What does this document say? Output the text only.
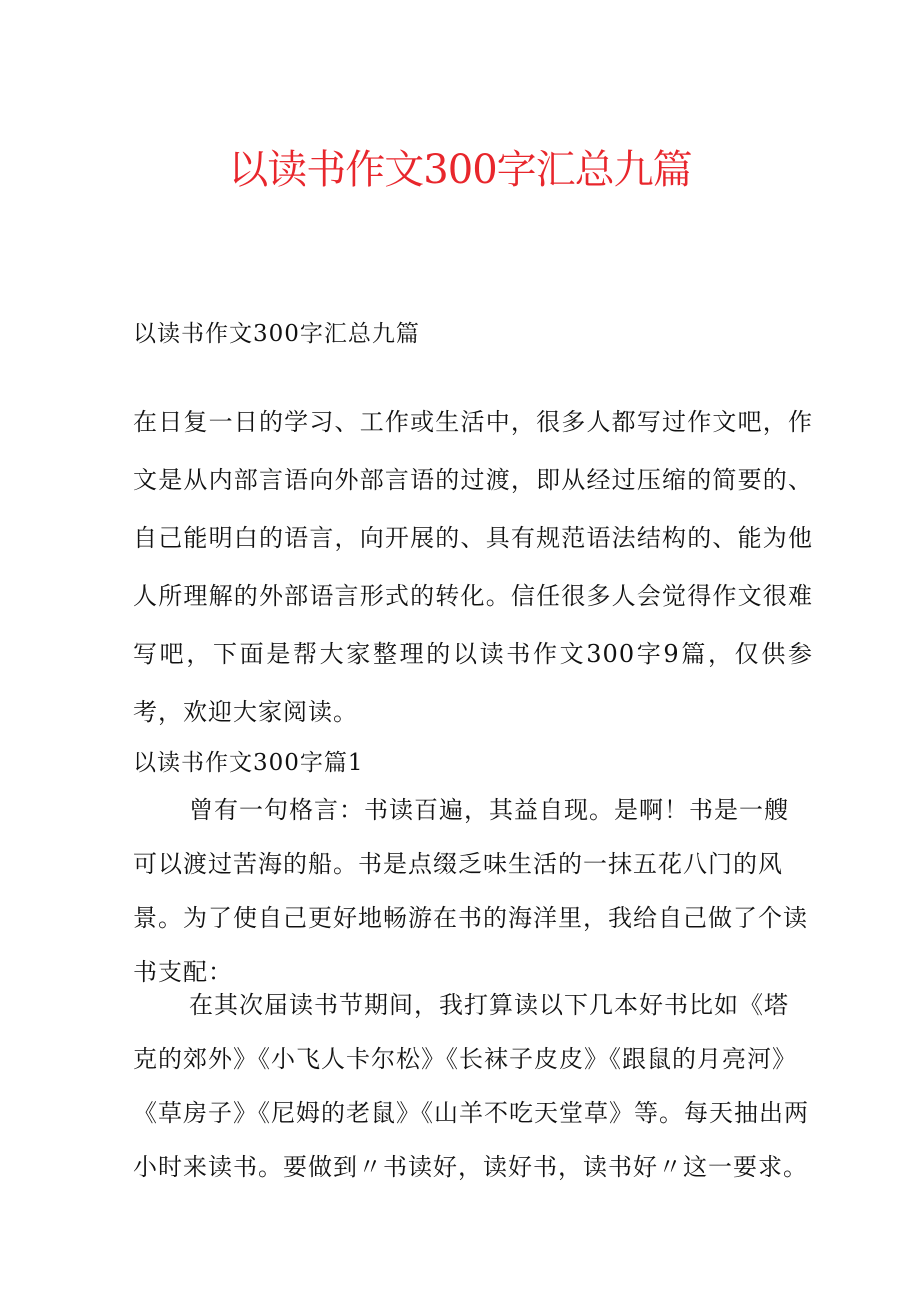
以读书作文300字汇总九篇
以读书作文300字汇总九篇
在日复一日的学习、工作或生活中，很多人都写过作文吧，作文是从内部言语向外部言语的过渡，即从经过压缩的简要的、自己能明白的语言，向开展的、具有规范语法结构的、能为他人所理解的外部语言形式的转化。信任很多人会觉得作文很难写吧，下面是帮大家整理的以读书作文300字9篇，仅供参考，欢迎大家阅读。
以读书作文300字篇1
曾有一句格言：书读百遍，其益自现。是啊！书是一艘可以渡过苦海的船。书是点缀乏味生活的一抹五花八门的风景。为了使自己更好地畅游在书的海洋里，我给自己做了个读书支配：
在其次届读书节期间，我打算读以下几本好书比如《塔克的郊外》《小飞人卡尔松》《长袜子皮皮》《跟鼠的月亮河》《草房子》《尼姆的老鼠》《山羊不吃天堂草》等。每天抽出两小时来读书。要做到〃书读好，读好书，读书好〃这一要求。
